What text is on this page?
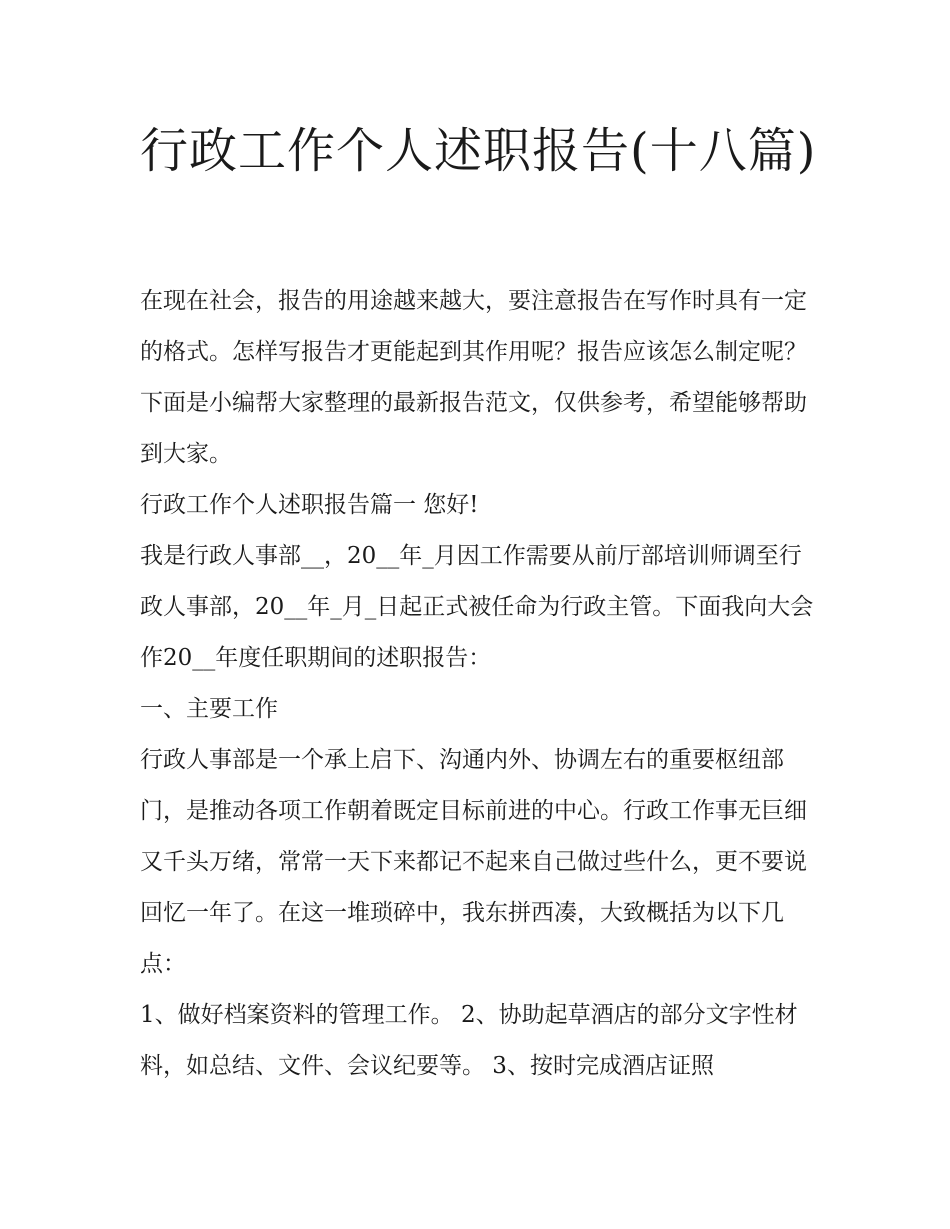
行政工作个人述职报告(十八篇)

在现在社会，报告的用途越来越大，要注意报告在写作时具有一定的格式。怎样写报告才更能起到其作用呢？报告应该怎么制定呢？下面是小编帮大家整理的最新报告范文，仅供参考，希望能够帮助到大家。

行政工作个人述职报告篇一 您好!

我是行政人事部__，20__年_月因工作需要从前厅部培训师调至行政人事部，20__年_月_日起正式被任命为行政主管。下面我向大会作20__年度任职期间的述职报告：

一、主要工作

行政人事部是一个承上启下、沟通内外、协调左右的重要枢纽部门，是推动各项工作朝着既定目标前进的中心。行政工作事无巨细又千头万绪，常常一天下来都记不起来自己做过些什么，更不要说回忆一年了。在这一堆琐碎中，我东拼西凑，大致概括为以下几点：

1、做好档案资料的管理工作。 2、协助起草酒店的部分文字性材料，如总结、文件、会议纪要等。 3、按时完成酒店证照
